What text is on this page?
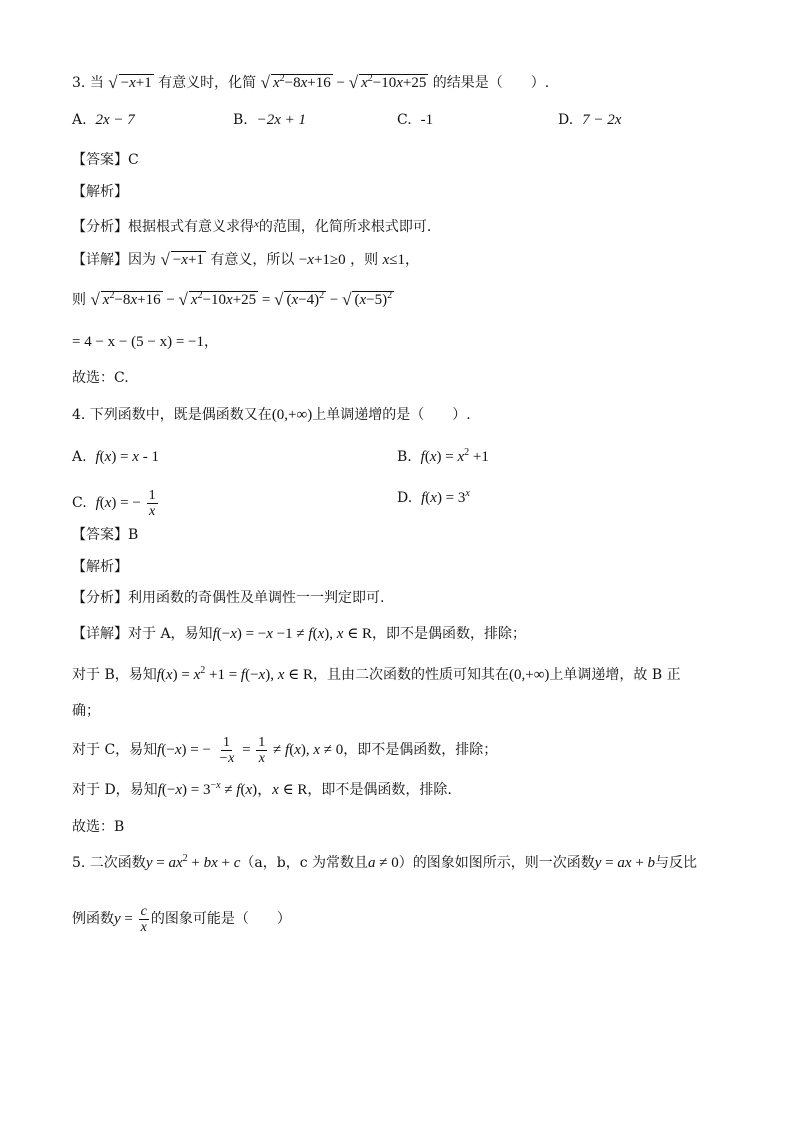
3. 当 √ −x+1 有意义时，化简 √ $x^2-8x+16$ − √ $x^2-10x+25$ 的结果是（　　）.
A. 2x − 7	B. −2x + 1	C. -1	D. 7 − 2x
【答案】C
【解析】
【分析】根据根式有意义求得$^x$的范围，化简所求根式即可.
【详解】因为 √ −x+1 有意义，所以 −x+1≥0 ，则 x≤1，
则 √ $x^2-8x+16$ − √ $x^2-10x+25$ = √ $(x-4)^2$ − √ $(x-5)^2$
= 4 − x − (5 − x) = −1，
故选：C.
4. 下列函数中，既是偶函数又在(0,+∞)上单调递增的是（　　）.
A. f(x) = x - 1	B. $f(x) = x^2 +1$
C. f(x) = − $\frac{1}{x}$	D. $f(x) = 3^x$
【答案】B
【解析】
【分析】利用函数的奇偶性及单调性一一判定即可.
【详解】对于 A，易知f(−x) = −x −1 ≠ f(x), x ∈ R，即不是偶函数，排除；
对于 B，易知$f(x) = x^2 +1 = f(-x)$, x ∈ R，且由二次函数的性质可知其在(0,+∞)上单调递增，故 B 正
确；
对于 C，易知f(−x) = − $\frac{1}{-x} = \frac{1}{x} \ne f(x)$, x ≠ 0，即不是偶函数，排除；
对于 D，易知$f(-x) = 3^{-x} \ne f(x)$，x ∈ R，即不是偶函数，排除.
故选：B
5. 二次函数$y = ax^2$ + bx + c（a，b，c 为常数且a ≠ 0）的图象如图所示，则一次函数y = ax + b与反比
例函数$y = \frac{c}{x}$ 的图象可能是（　　）
